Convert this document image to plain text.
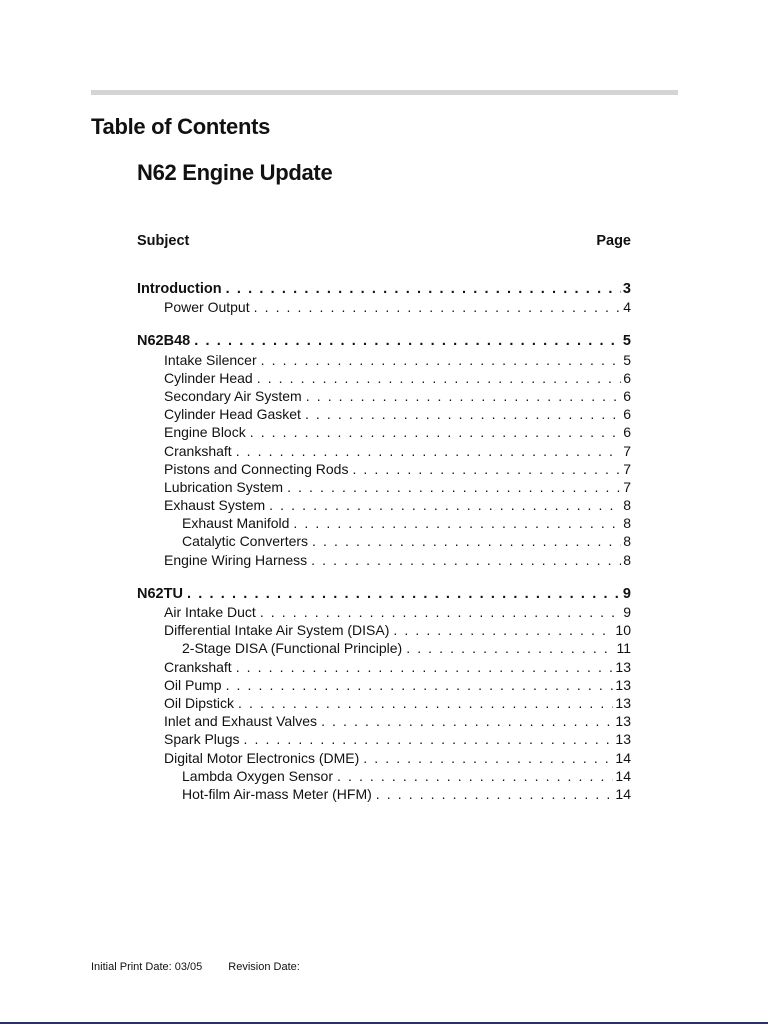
Table of Contents
N62 Engine Update
Subject	Page
Introduction . . .	3
Power Output . . .	4
N62B48 . . .	5
Intake Silencer . . .	5
Cylinder Head . . .	6
Secondary Air System . . .	6
Cylinder Head Gasket . . .	6
Engine Block . . .	6
Crankshaft . . .	7
Pistons and Connecting Rods . . .	7
Lubrication System . . .	7
Exhaust System . . .	8
Exhaust Manifold . . .	8
Catalytic Converters . . .	8
Engine Wiring Harness . . .	8
N62TU . . .	9
Air Intake Duct . . .	9
Differential Intake Air System (DISA) . . .	10
2-Stage DISA (Functional Principle) . . .	11
Crankshaft . . .	13
Oil Pump . . .	13
Oil Dipstick . . .	13
Inlet and Exhaust Valves . . .	13
Spark Plugs . . .	13
Digital Motor Electronics (DME) . . .	14
Lambda Oxygen Sensor . . .	14
Hot-film Air-mass Meter (HFM) . . .	14
Initial Print Date: 03/05 Revision Date:
